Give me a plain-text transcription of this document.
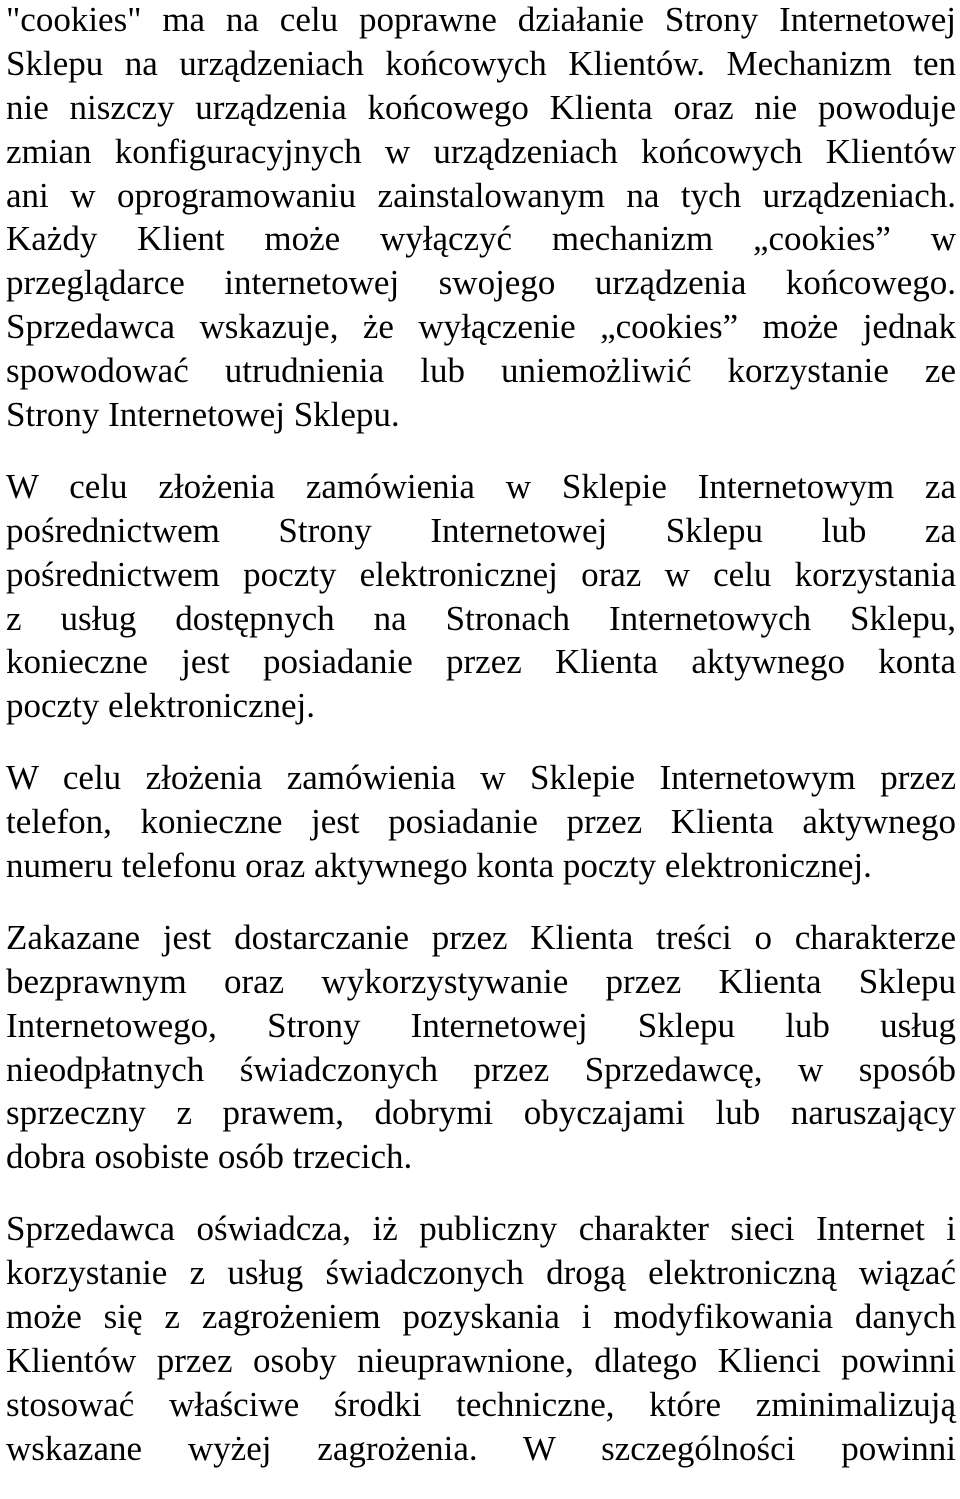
"cookies" ma na celu poprawne działanie Strony Internetowej
Sklepu na urządzeniach końcowych Klientów. Mechanizm ten
nie niszczy urządzenia końcowego Klienta oraz nie powoduje
zmian konfiguracyjnych w urządzeniach końcowych Klientów
ani w oprogramowaniu zainstalowanym na tych urządzeniach.
Każdy Klient może wyłączyć mechanizm „cookies” w
przeglądarce internetowej swojego urządzenia końcowego.
Sprzedawca wskazuje, że wyłączenie „cookies” może jednak
spowodować utrudnienia lub uniemożliwić korzystanie ze
Strony Internetowej Sklepu.
W celu złożenia zamówienia w Sklepie Internetowym za
pośrednictwem Strony Internetowej Sklepu lub za
pośrednictwem poczty elektronicznej oraz w celu korzystania
z usług dostępnych na Stronach Internetowych Sklepu,
konieczne jest posiadanie przez Klienta aktywnego konta
poczty elektronicznej.
W celu złożenia zamówienia w Sklepie Internetowym przez
telefon, konieczne jest posiadanie przez Klienta aktywnego
numeru telefonu oraz aktywnego konta poczty elektronicznej.
Zakazane jest dostarczanie przez Klienta treści o charakterze
bezprawnym oraz wykorzystywanie przez Klienta Sklepu
Internetowego, Strony Internetowej Sklepu lub usług
nieodpłatnych świadczonych przez Sprzedawcę, w sposób
sprzeczny z prawem, dobrymi obyczajami lub naruszający
dobra osobiste osób trzecich.
Sprzedawca oświadcza, iż publiczny charakter sieci Internet i
korzystanie z usług świadczonych drogą elektroniczną wiązać
może się z zagrożeniem pozyskania i modyfikowania danych
Klientów przez osoby nieuprawnione, dlatego Klienci powinni
stosować właściwe środki techniczne, które zminimalizują
wskazane wyżej zagrożenia. W szczególności powinni
